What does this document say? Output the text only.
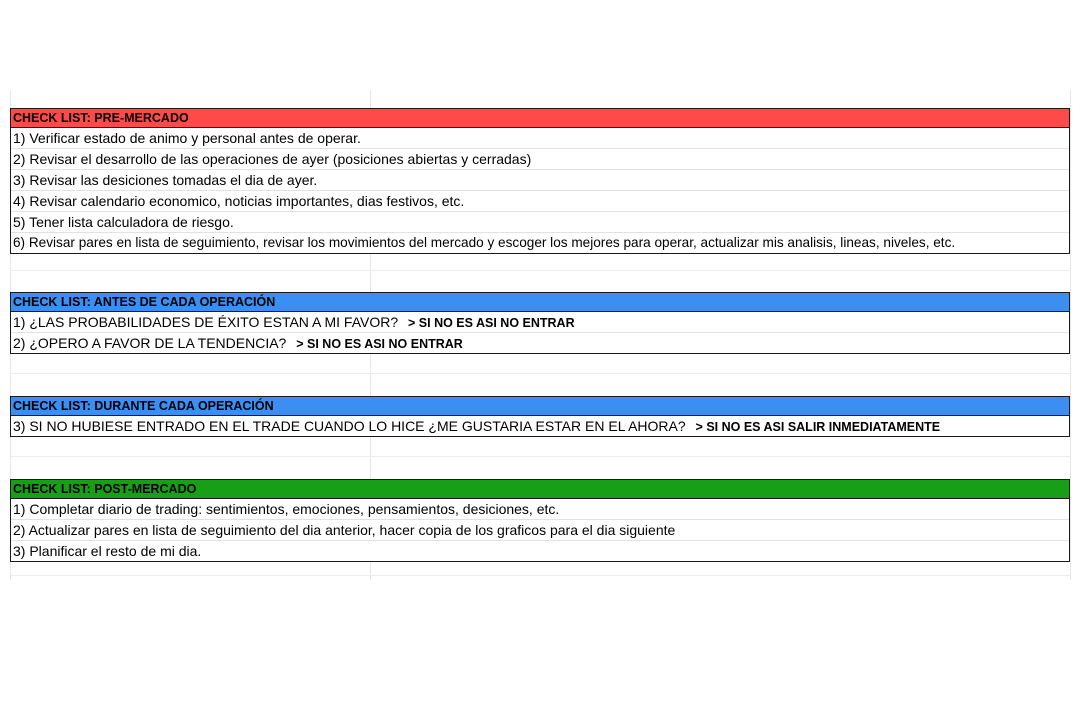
CHECK LIST: PRE-MERCADO
1) Verificar estado de animo y personal antes de operar.
2) Revisar el desarrollo de las operaciones de ayer (posiciones abiertas y cerradas)
3) Revisar las desiciones tomadas el dia de ayer.
4) Revisar calendario economico, noticias importantes, dias festivos, etc.
5) Tener lista calculadora de riesgo.
6) Revisar pares en lista de seguimiento, revisar los movimientos del mercado y escoger los mejores para operar, actualizar mis analisis, lineas, niveles, etc.
CHECK LIST: ANTES DE CADA OPERACIÓN
1) ¿LAS PROBABILIDADES DE ÉXITO ESTAN A MI FAVOR? > SI NO ES ASI NO ENTRAR
2) ¿OPERO A FAVOR DE LA TENDENCIA? > SI NO ES ASI NO ENTRAR
CHECK LIST: DURANTE CADA OPERACIÓN
3) SI NO HUBIESE ENTRADO EN EL TRADE CUANDO LO HICE ¿ME GUSTARIA ESTAR EN EL AHORA? > SI NO ES ASI SALIR INMEDIATAMENTE
CHECK LIST: POST-MERCADO
1) Completar diario de trading: sentimientos, emociones, pensamientos, desiciones, etc.
2) Actualizar pares en lista de seguimiento del dia anterior, hacer copia de los graficos para el dia siguiente
3) Planificar el resto de mi dia.
